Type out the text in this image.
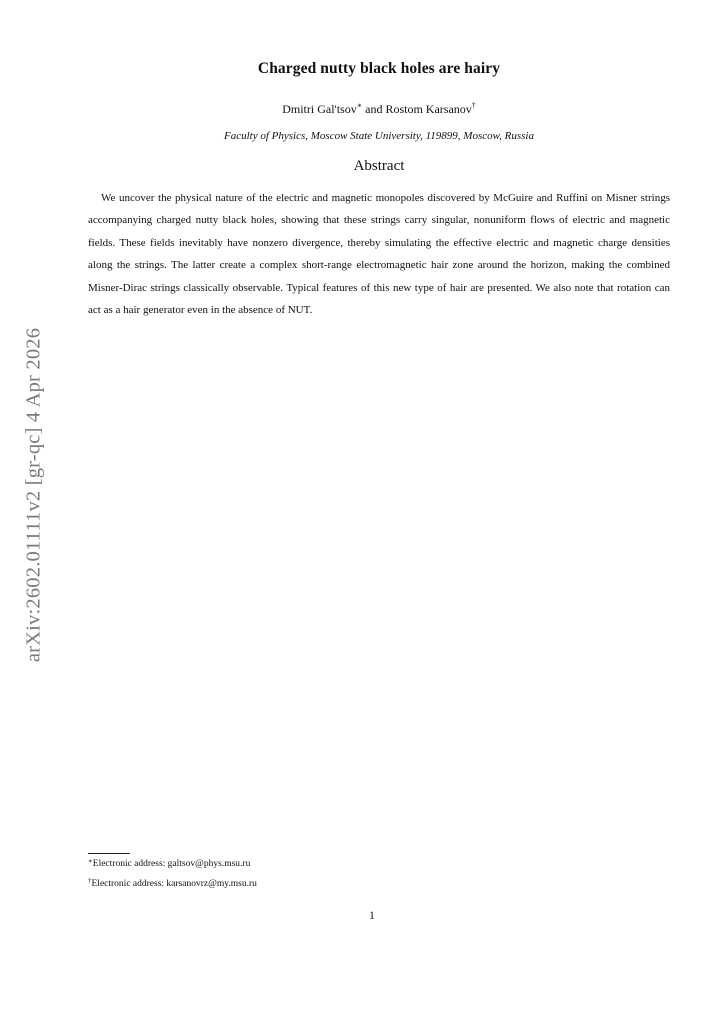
arXiv:2602.01111v2 [gr-qc] 4 Apr 2026
Charged nutty black holes are hairy
Dmitri Gal'tsov∗ and Rostom Karsanov†
Faculty of Physics, Moscow State University, 119899, Moscow, Russia
Abstract

We uncover the physical nature of the electric and magnetic monopoles discovered by McGuire and Ruffini on Misner strings accompanying charged nutty black holes, showing that these strings carry singular, nonuniform flows of electric and magnetic fields. These fields inevitably have nonzero divergence, thereby simulating the effective electric and magnetic charge densities along the strings. The latter create a complex short-range electromagnetic hair zone around the horizon, making the combined Misner-Dirac strings classically observable. Typical features of this new type of hair are presented. We also note that rotation can act as a hair generator even in the absence of NUT.

∗Electronic address: galtsov@phys.msu.ru
†Electronic address: karsanovrz@my.msu.ru
1
